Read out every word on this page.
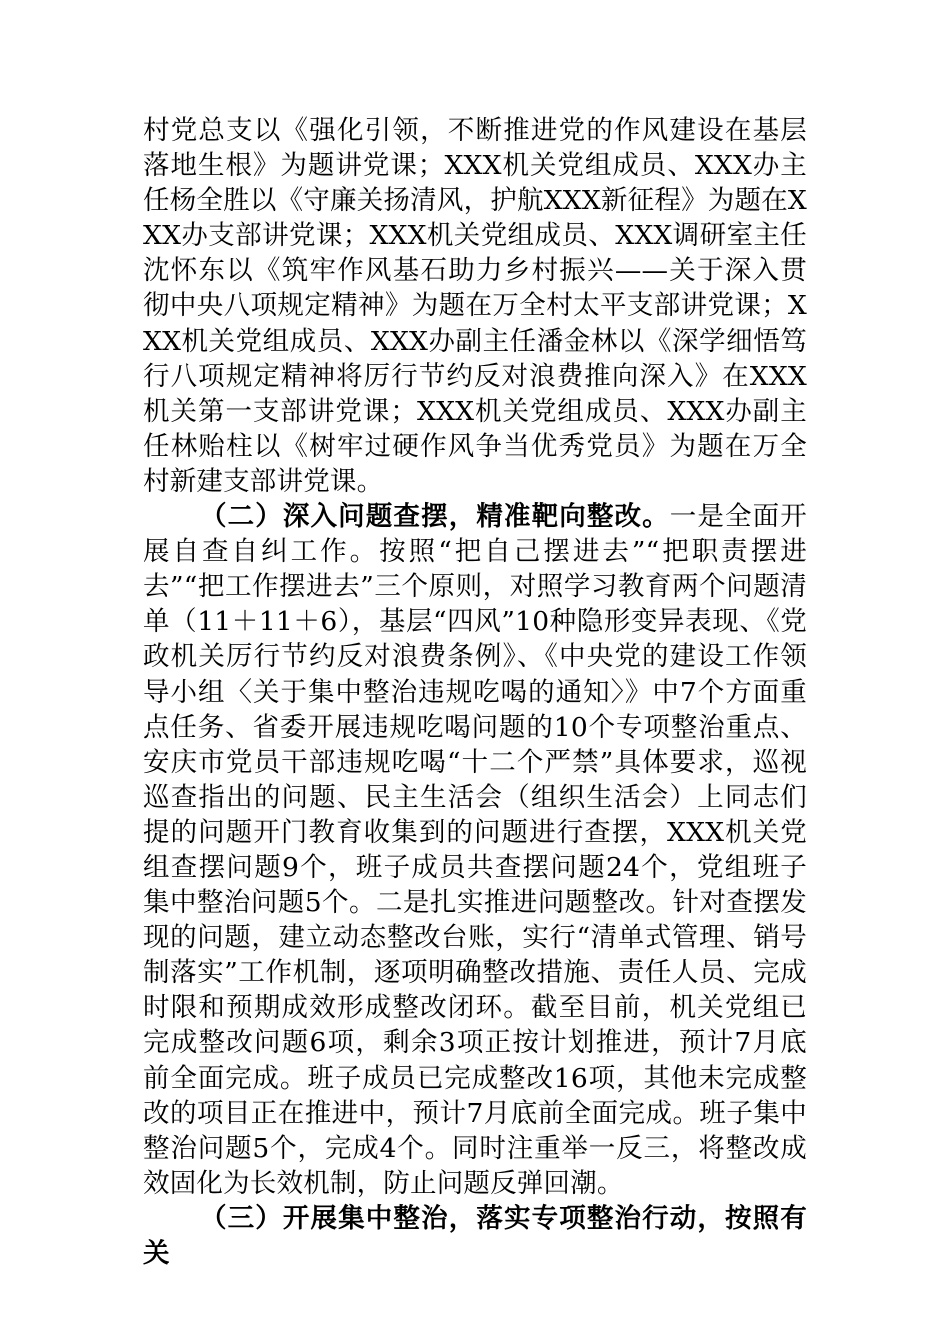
村党总支以《强化引领，不断推进党的作风建设在基层落地生根》为题讲党课；XXX机关党组成员、XXX办主任杨全胜以《守廉关扬清风，护航XXX新征程》为题在XXX办支部讲党课；XXX机关党组成员、XXX调研室主任沈怀东以《筑牢作风基石助力乡村振兴——关于深入贯彻中央八项规定精神》为题在万全村太平支部讲党课；XXX机关党组成员、XXX办副主任潘金林以《深学细悟笃行八项规定精神将厉行节约反对浪费推向深入》在XXX机关第一支部讲党课；XXX机关党组成员、XXX办副主任林贻柱以《树牢过硬作风争当优秀党员》为题在万全村新建支部讲党课。

（二）深入问题查摆，精准靶向整改。一是全面开展自查自纠工作。按照“把自己摆进去”“把职责摆进去”“把工作摆进去”三个原则，对照学习教育两个问题清单（11＋11＋6），基层“四风”10种隐形变异表现、《党政机关厉行节约反对浪费条例》、《中央党的建设工作领导小组〈关于集中整治违规吃喝的通知〉》中7个方面重点任务、省委开展违规吃喝问题的10个专项整治重点、安庆市党员干部违规吃喝“十二个严禁”具体要求，巡视巡查指出的问题、民主生活会（组织生活会）上同志们提的问题开门教育收集到的问题进行查摆，XXX机关党组查摆问题9个，班子成员共查摆问题24个，党组班子集中整治问题5个。二是扎实推进问题整改。针对查摆发现的问题，建立动态整改台账，实行“清单式管理、销号制落实”工作机制，逐项明确整改措施、责任人员、完成时限和预期成效形成整改闭环。截至目前，机关党组已完成整改问题6项，剩余3项正按计划推进，预计7月底前全面完成。班子成员已完成整改16项，其他未完成整改的项目正在推进中，预计7月底前全面完成。班子集中整治问题5个，完成4个。同时注重举一反三，将整改成效固化为长效机制，防止问题反弹回潮。

（三）开展集中整治，落实专项整治行动，按照有关
